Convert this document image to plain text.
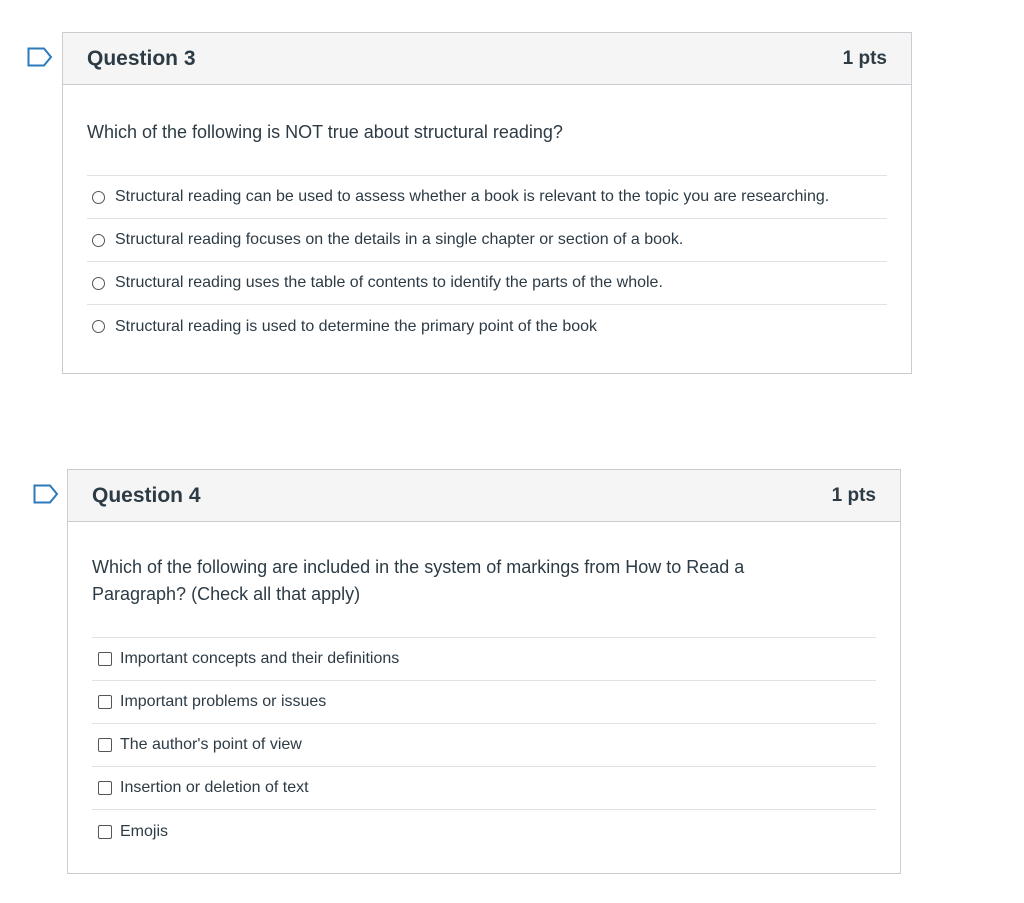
Question 3	1 pts
Which of the following is NOT true about structural reading?
Structural reading can be used to assess whether a book is relevant to the topic you are researching.
Structural reading focuses on the details in a single chapter or section of a book.
Structural reading uses the table of contents to identify the parts of the whole.
Structural reading is used to determine the primary point of the book
Question 4	1 pts
Which of the following are included in the system of markings from How to Read a Paragraph? (Check all that apply)
Important concepts and their definitions
Important problems or issues
The author's point of view
Insertion or deletion of text
Emojis
